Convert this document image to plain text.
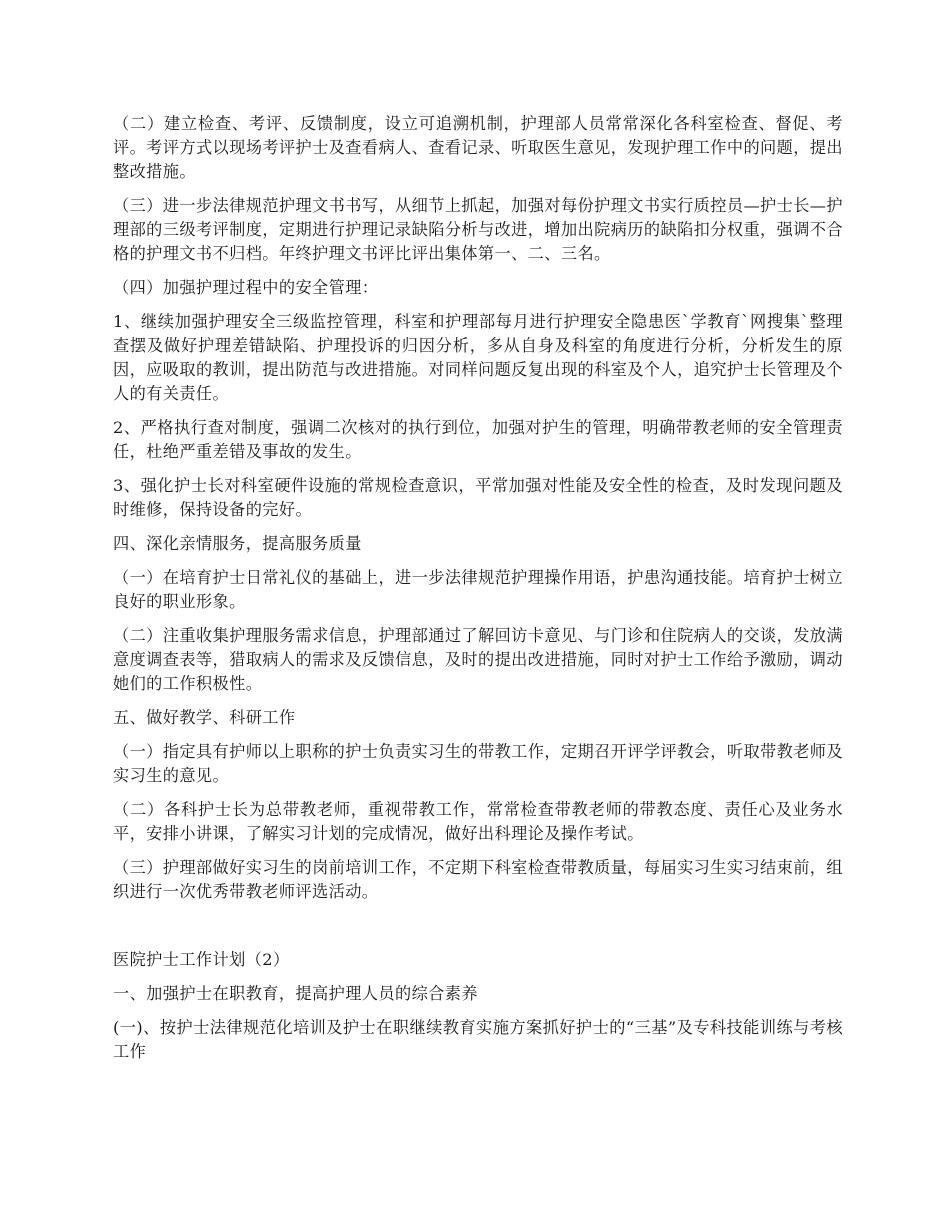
（二）建立检查、考评、反馈制度，设立可追溯机制，护理部人员常常深化各科室检查、督促、考评。考评方式以现场考评护士及查看病人、查看记录、听取医生意见，发现护理工作中的问题，提出整改措施。

（三）进一步法律规范护理文书书写，从细节上抓起，加强对每份护理文书实行质控员—护士长—护理部的三级考评制度，定期进行护理记录缺陷分析与改进，增加出院病历的缺陷扣分权重，强调不合格的护理文书不归档。年终护理文书评比评出集体第一、二、三名。

（四）加强护理过程中的安全管理：

1、继续加强护理安全三级监控管理，科室和护理部每月进行护理安全隐患医`学教育`网搜集`整理查摆及做好护理差错缺陷、护理投诉的归因分析，多从自身及科室的角度进行分析，分析发生的原因，应吸取的教训，提出防范与改进措施。对同样问题反复出现的科室及个人，追究护士长管理及个人的有关责任。

2、严格执行查对制度，强调二次核对的执行到位，加强对护生的管理，明确带教老师的安全管理责任，杜绝严重差错及事故的发生。

3、强化护士长对科室硬件设施的常规检查意识，平常加强对性能及安全性的检查，及时发现问题及时维修，保持设备的完好。

四、深化亲情服务，提高服务质量

（一）在培育护士日常礼仪的基础上，进一步法律规范护理操作用语，护患沟通技能。培育护士树立良好的职业形象。

（二）注重收集护理服务需求信息，护理部通过了解回访卡意见、与门诊和住院病人的交谈，发放满意度调查表等，猎取病人的需求及反馈信息，及时的提出改进措施，同时对护士工作给予激励，调动她们的工作积极性。

五、做好教学、科研工作

（一）指定具有护师以上职称的护士负责实习生的带教工作，定期召开评学评教会，听取带教老师及实习生的意见。

（二）各科护士长为总带教老师，重视带教工作，常常检查带教老师的带教态度、责任心及业务水平，安排小讲课，了解实习计划的完成情况，做好出科理论及操作考试。

（三）护理部做好实习生的岗前培训工作，不定期下科室检查带教质量，每届实习生实习结束前，组织进行一次优秀带教老师评选活动。

医院护士工作计划（2）

一、加强护士在职教育，提高护理人员的综合素养

(一)、按护士法律规范化培训及护士在职继续教育实施方案抓好护士的“三基”及专科技能训练与考核工作
